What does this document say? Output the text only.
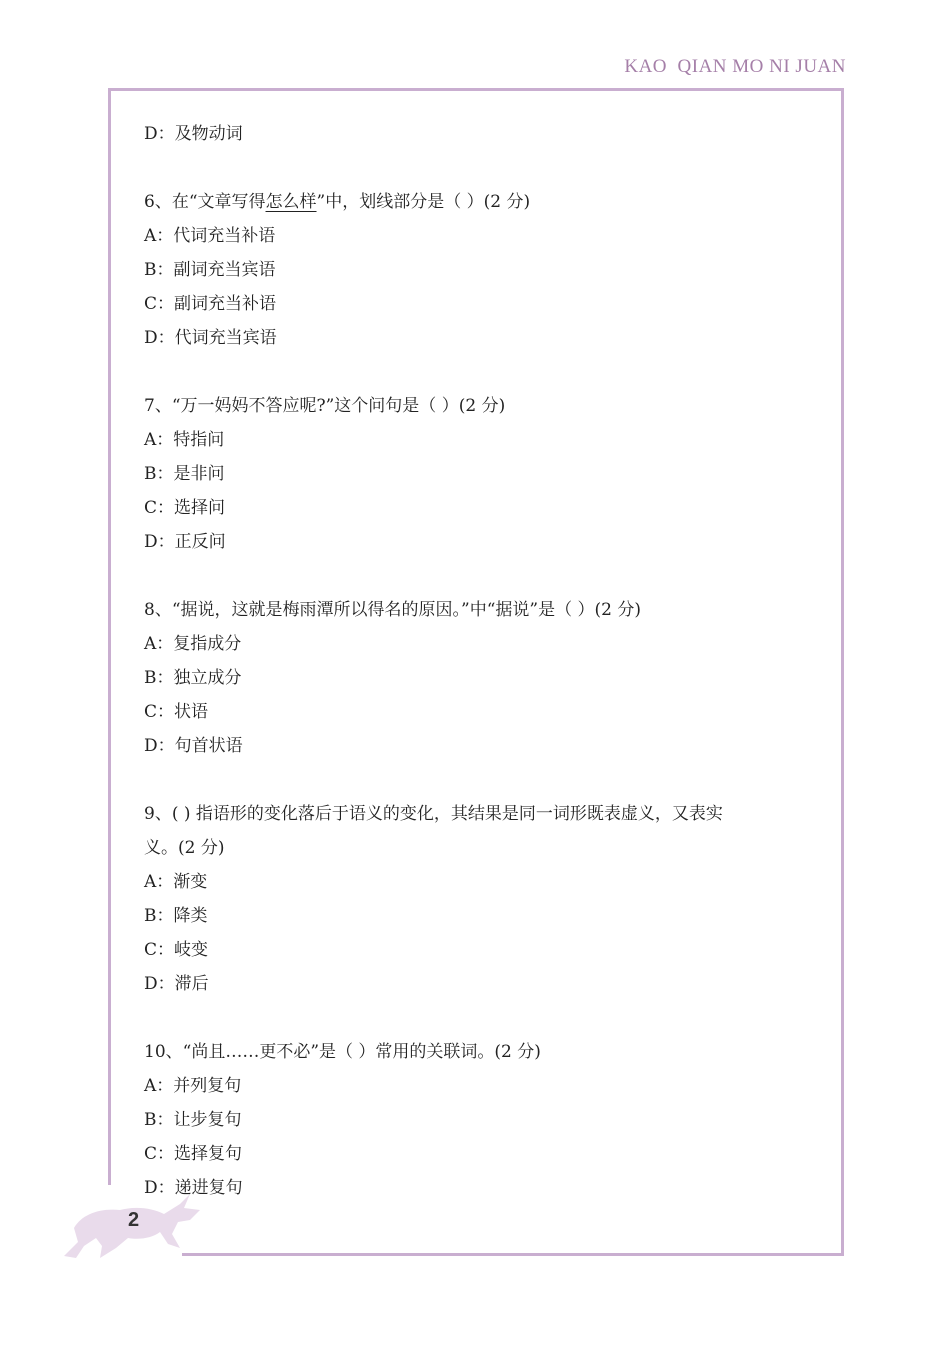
KAO  QIAN MO NI JUAN
2
D：及物动词
6、在“文章写得怎么样”中，划线部分是（ ）(2 分)
A：代词充当补语
B：副词充当宾语
C：副词充当补语
D：代词充当宾语
7、“万一妈妈不答应呢?”这个问句是（ ）(2 分)
A：特指问
B：是非问
C：选择问
D：正反问
8、“据说，这就是梅雨潭所以得名的原因。”中“据说”是（ ）(2 分)
A：复指成分
B：独立成分
C：状语
D：句首状语
9、( ) 指语形的变化落后于语义的变化，其结果是同一词形既表虚义，又表实
义。(2 分)
A：渐变
B：降类
C：岐变
D：滞后
10、“尚且……更不必”是（ ）常用的关联词。(2 分)
A：并列复句
B：让步复句
C：选择复句
D：递进复句
